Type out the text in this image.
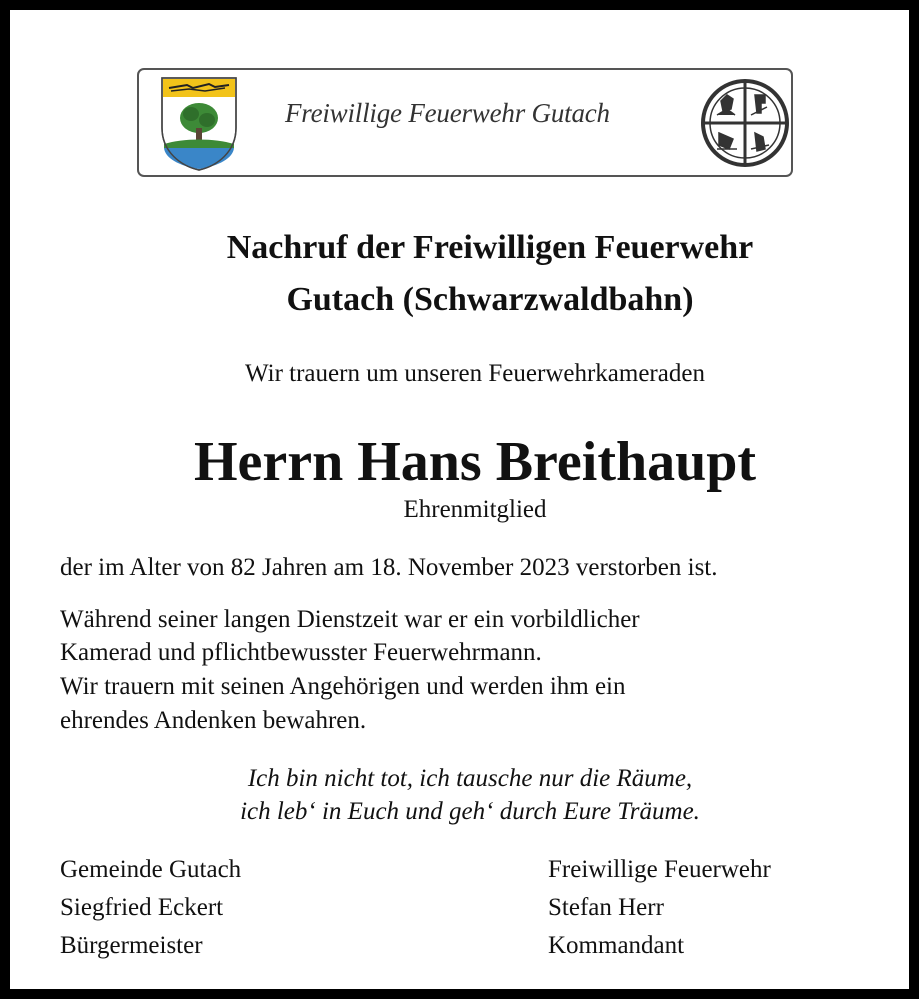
Freiwillige Feuerwehr Gutach
Nachruf der Freiwilligen Feuerwehr
Gutach (Schwarzwaldbahn)
Wir trauern um unseren Feuerwehrkameraden
Herrn Hans Breithaupt
Ehrenmitglied
der im Alter von 82 Jahren am 18. November 2023 verstorben ist.
Während seiner langen Dienstzeit war er ein vorbildlicher
Kamerad und pflichtbewusster Feuerwehrmann.
Wir trauern mit seinen Angehörigen und werden ihm ein
ehrendes Andenken bewahren.
Ich bin nicht tot, ich tausche nur die Räume,
ich leb‘ in Euch und geh‘ durch Eure Träume.
Gemeinde Gutach
Siegfried Eckert
Bürgermeister
Freiwillige Feuerwehr
Stefan Herr
Kommandant
